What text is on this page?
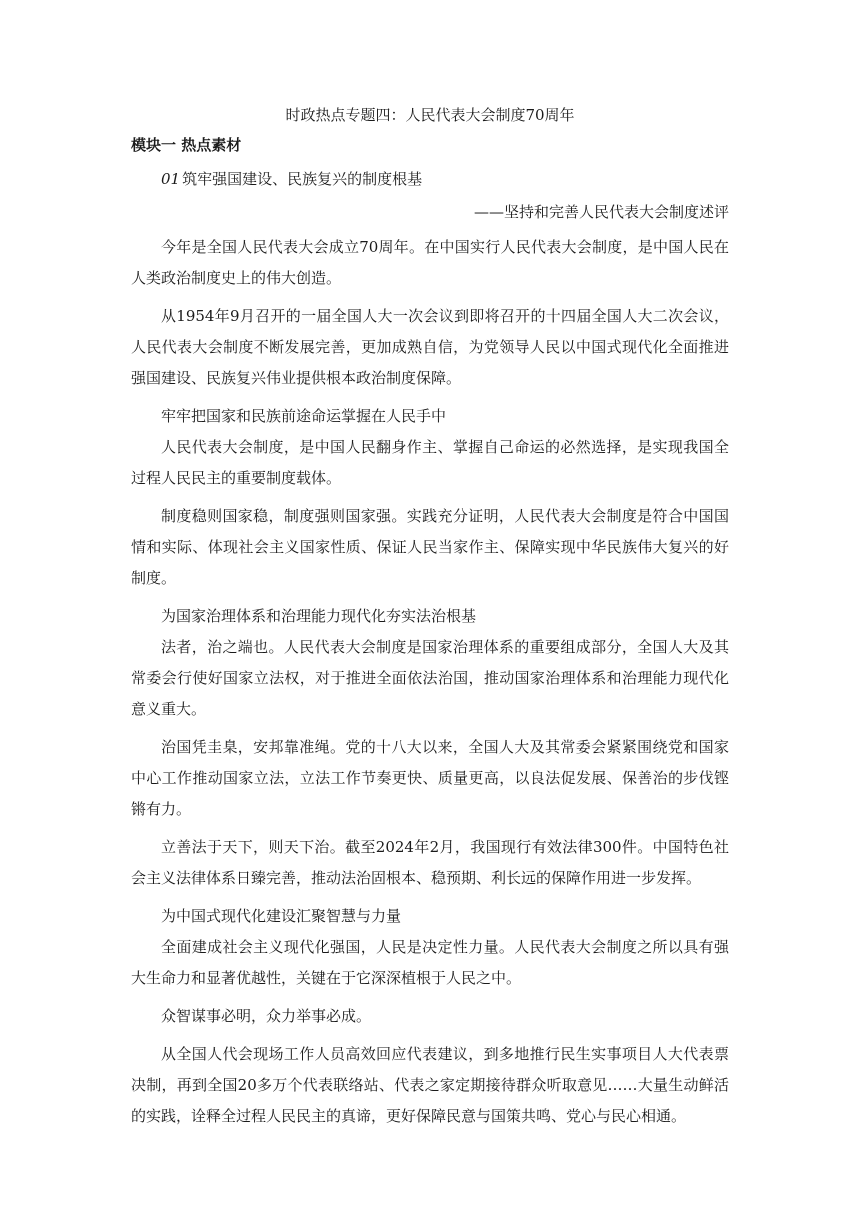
时政热点专题四：人民代表大会制度70周年
模块一 热点素材
01 筑牢强国建设、民族复兴的制度根基
——坚持和完善人民代表大会制度述评

今年是全国人民代表大会成立70周年。在中国实行人民代表大会制度，是中国人民在人类政治制度史上的伟大创造。

从1954年9月召开的一届全国人大一次会议到即将召开的十四届全国人大二次会议，人民代表大会制度不断发展完善，更加成熟自信，为党领导人民以中国式现代化全面推进强国建设、民族复兴伟业提供根本政治制度保障。

牢牢把国家和民族前途命运掌握在人民手中

人民代表大会制度，是中国人民翻身作主、掌握自己命运的必然选择，是实现我国全过程人民民主的重要制度载体。

制度稳则国家稳，制度强则国家强。实践充分证明，人民代表大会制度是符合中国国情和实际、体现社会主义国家性质、保证人民当家作主、保障实现中华民族伟大复兴的好制度。

为国家治理体系和治理能力现代化夯实法治根基

法者，治之端也。人民代表大会制度是国家治理体系的重要组成部分，全国人大及其常委会行使好国家立法权，对于推进全面依法治国，推动国家治理体系和治理能力现代化意义重大。

治国凭圭臬，安邦靠准绳。党的十八大以来，全国人大及其常委会紧紧围绕党和国家中心工作推动国家立法，立法工作节奏更快、质量更高，以良法促发展、保善治的步伐铿锵有力。

立善法于天下，则天下治。截至2024年2月，我国现行有效法律300件。中国特色社会主义法律体系日臻完善，推动法治固根本、稳预期、利长远的保障作用进一步发挥。

为中国式现代化建设汇聚智慧与力量

全面建成社会主义现代化强国，人民是决定性力量。人民代表大会制度之所以具有强大生命力和显著优越性，关键在于它深深植根于人民之中。

众智谋事必明，众力举事必成。

从全国人代会现场工作人员高效回应代表建议，到多地推行民生实事项目人大代表票决制，再到全国20多万个代表联络站、代表之家定期接待群众听取意见……大量生动鲜活的实践，诠释全过程人民民主的真谛，更好保障民意与国策共鸣、党心与民心相通。
